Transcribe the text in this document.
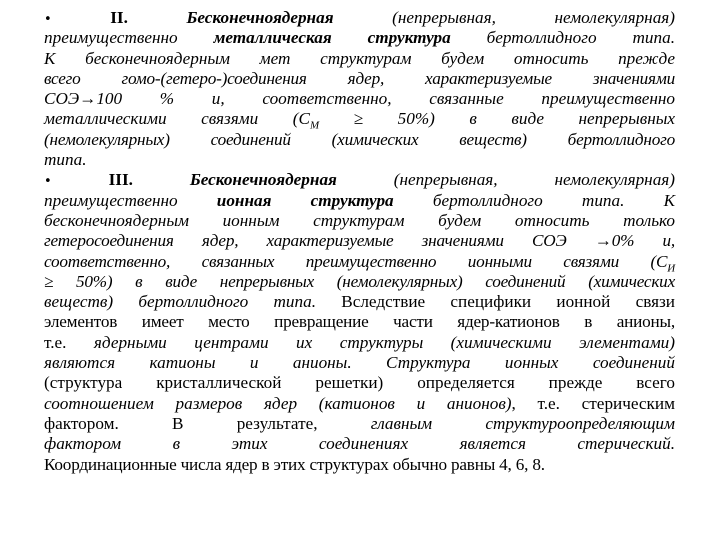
•	II.	Бесконечноядерная	(непрерывная,	немолекулярная)
преимущественно металлическая структура бертоллидного типа.
К бесконечноядерным мет структурам будем относить прежде
всего гомо-(гетеро-)соединения ядер, характеризуемые значениями
СОЭ→100 % и, соответственно, связанные преимущественно
металлическими связями $(С_М \ge 50\%)$ в виде непрерывных
(немолекулярных) соединений (химических веществ) бертоллидного
типа.
•	III.	Бесконечноядерная	(непрерывная,	немолекулярная)
преимущественно ионная структура бертоллидного типа. К
бесконечноядерным ионным структурам будем относить только
гетеросоединения ядер, характеризуемые значениями СОЭ →0% и,
соответственно, связанных преимущественно ионными связями ($С_И$
≥ 50%) в виде непрерывных (немолекулярных) соединений (химических
веществ) бертоллидного типа. Вследствие специфики ионной связи
элементов имеет место превращение части ядер-катионов в анионы,
т.е. ядерными центрами их структуры (химическими элементами)
являются катионы и анионы. Структура ионных соединений
(структура кристаллической решетки) определяется прежде всего
соотношением размеров ядер (катионов и анионов), т.е. стерическим
фактором. В результате, главным структуроопределяющим
фактором в этих соединениях является стерический.
Координационные числа ядер в этих структурах обычно равны 4, 6, 8.
